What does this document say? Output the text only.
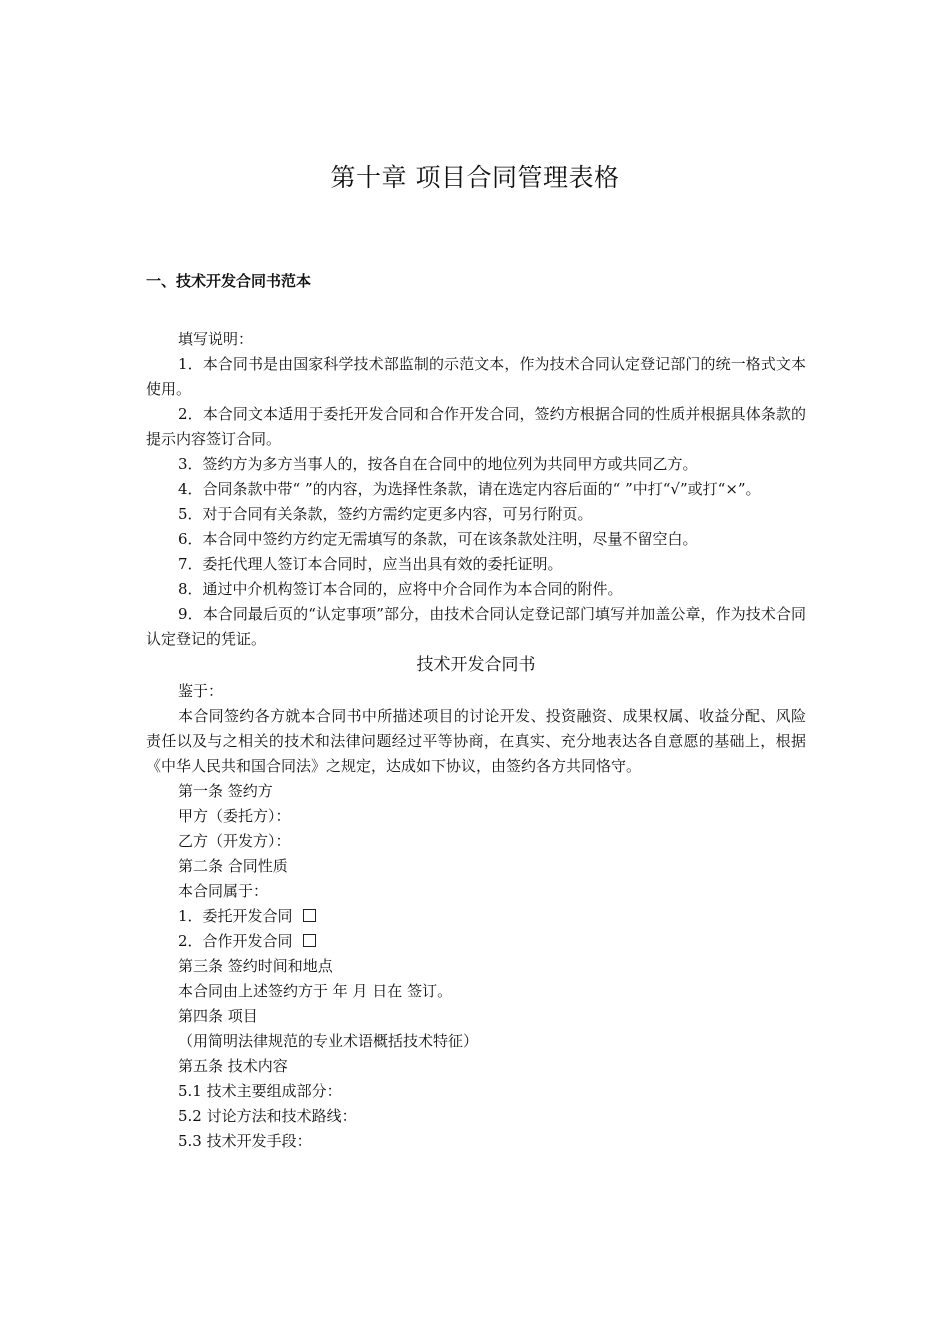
第十章 项目合同管理表格
一、技术开发合同书范本

填写说明：

1．本合同书是由国家科学技术部监制的示范文本，作为技术合同认定登记部门的统一格式文本使用。

2．本合同文本适用于委托开发合同和合作开发合同，签约方根据合同的性质并根据具体条款的提示内容签订合同。

3．签约方为多方当事人的，按各自在合同中的地位列为共同甲方或共同乙方。

4．合同条款中带“ ”的内容，为选择性条款，请在选定内容后面的“ ”中打“√”或打“×”。

5．对于合同有关条款，签约方需约定更多内容，可另行附页。

6．本合同中签约方约定无需填写的条款，可在该条款处注明，尽量不留空白。

7．委托代理人签订本合同时，应当出具有效的委托证明。

8．通过中介机构签订本合同的，应将中介合同作为本合同的附件。

9．本合同最后页的“认定事项”部分，由技术合同认定登记部门填写并加盖公章，作为技术合同认定登记的凭证。

技术开发合同书

鉴于：

本合同签约各方就本合同书中所描述项目的讨论开发、投资融资、成果权属、收益分配、风险责任以及与之相关的技术和法律问题经过平等协商，在真实、充分地表达各自意愿的基础上，根据《中华人民共和国合同法》之规定，达成如下协议，由签约各方共同恪守。

第一条 签约方

甲方（委托方）：

乙方（开发方）：

第二条 合同性质

本合同属于：

1．委托开发合同

2．合作开发合同

第三条 签约时间和地点

本合同由上述签约方于 年 月 日在 签订。

第四条 项目

（用简明法律规范的专业术语概括技术特征）

第五条 技术内容

5.1 技术主要组成部分：

5.2 讨论方法和技术路线：

5.3 技术开发手段：
